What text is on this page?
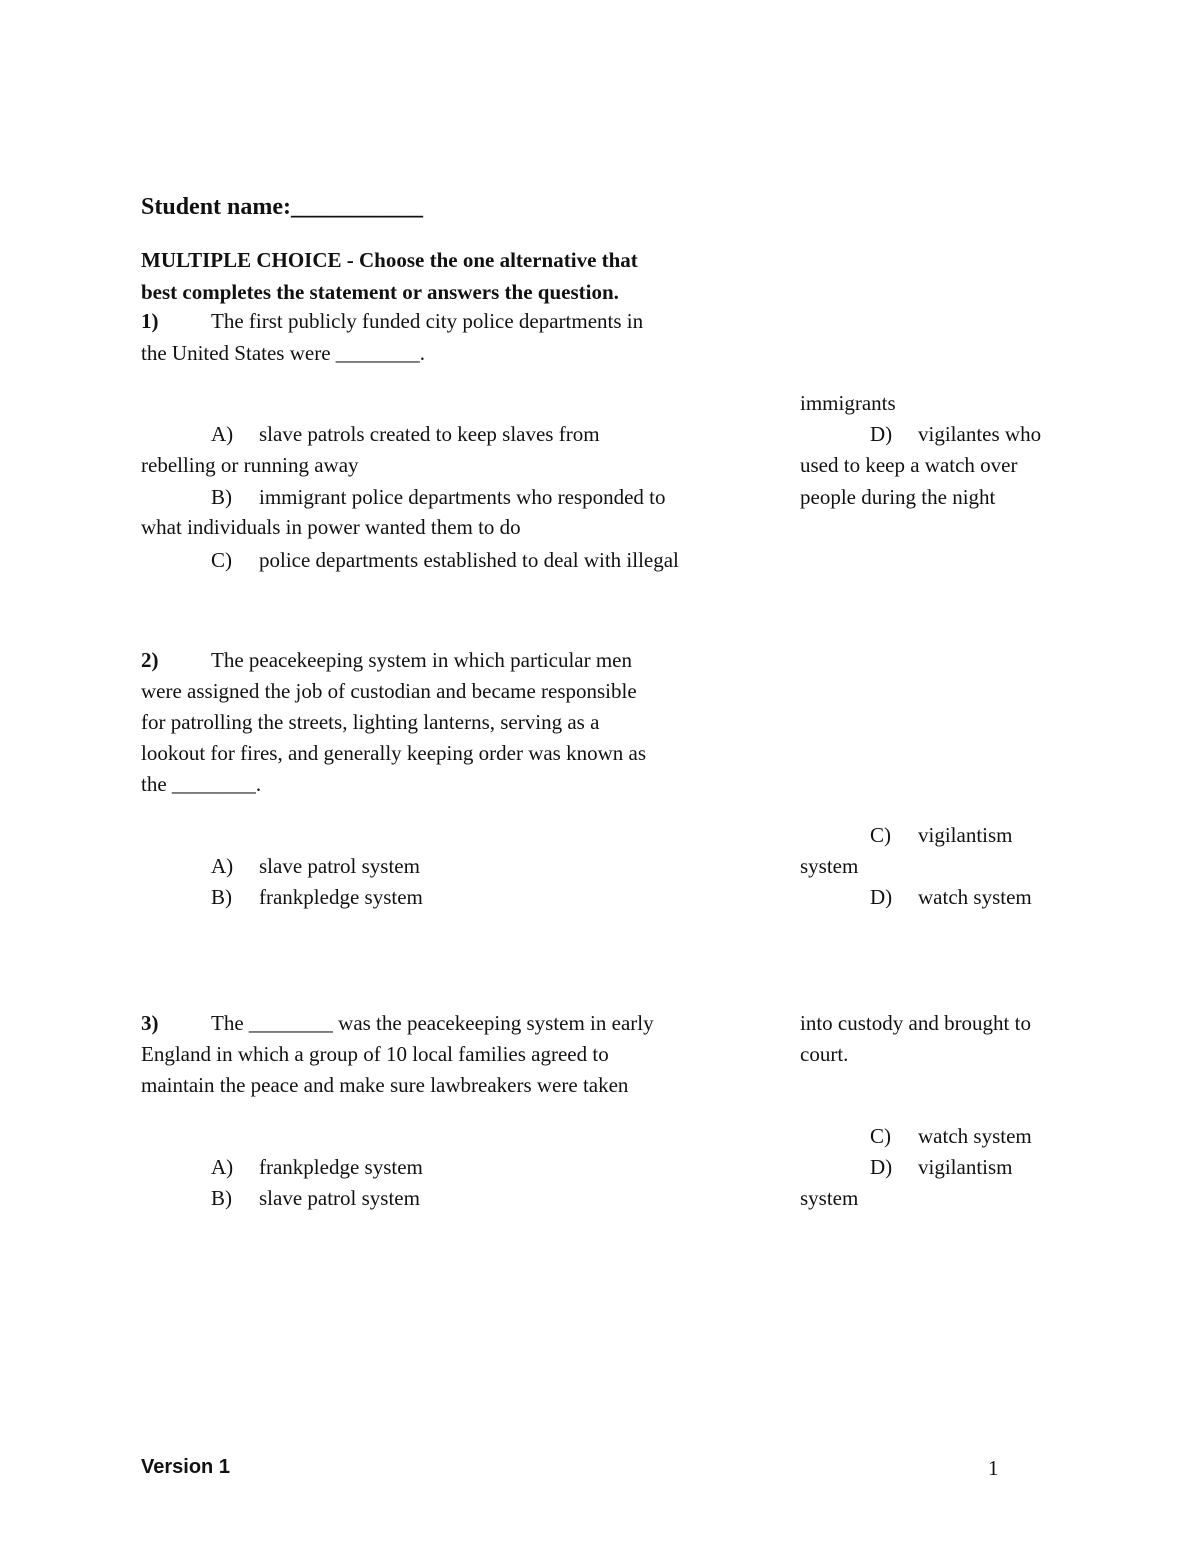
Student name:___________
MULTIPLE CHOICE - Choose the one alternative that
best completes the statement or answers the question.
1)	The first publicly funded city police departments in
the United States were ________.
A) slave patrols created to keep slaves from
rebelling or running away
B) immigrant police departments who responded to
what individuals in power wanted them to do
C) police departments established to deal with illegal
immigrants
D) vigilantes who
used to keep a watch over
people during the night
2)	The peacekeeping system in which particular men
were assigned the job of custodian and became responsible
for patrolling the streets, lighting lanterns, serving as a
lookout for fires, and generally keeping order was known as
the ________.
A) slave patrol system
B) frankpledge system
C) vigilantism
system
D) watch system
3)	The ________ was the peacekeeping system in early
England in which a group of 10 local families agreed to
maintain the peace and make sure lawbreakers were taken
into custody and brought to
court.
A) frankpledge system
B) slave patrol system
C) watch system
D) vigilantism
system
Version 1	1
